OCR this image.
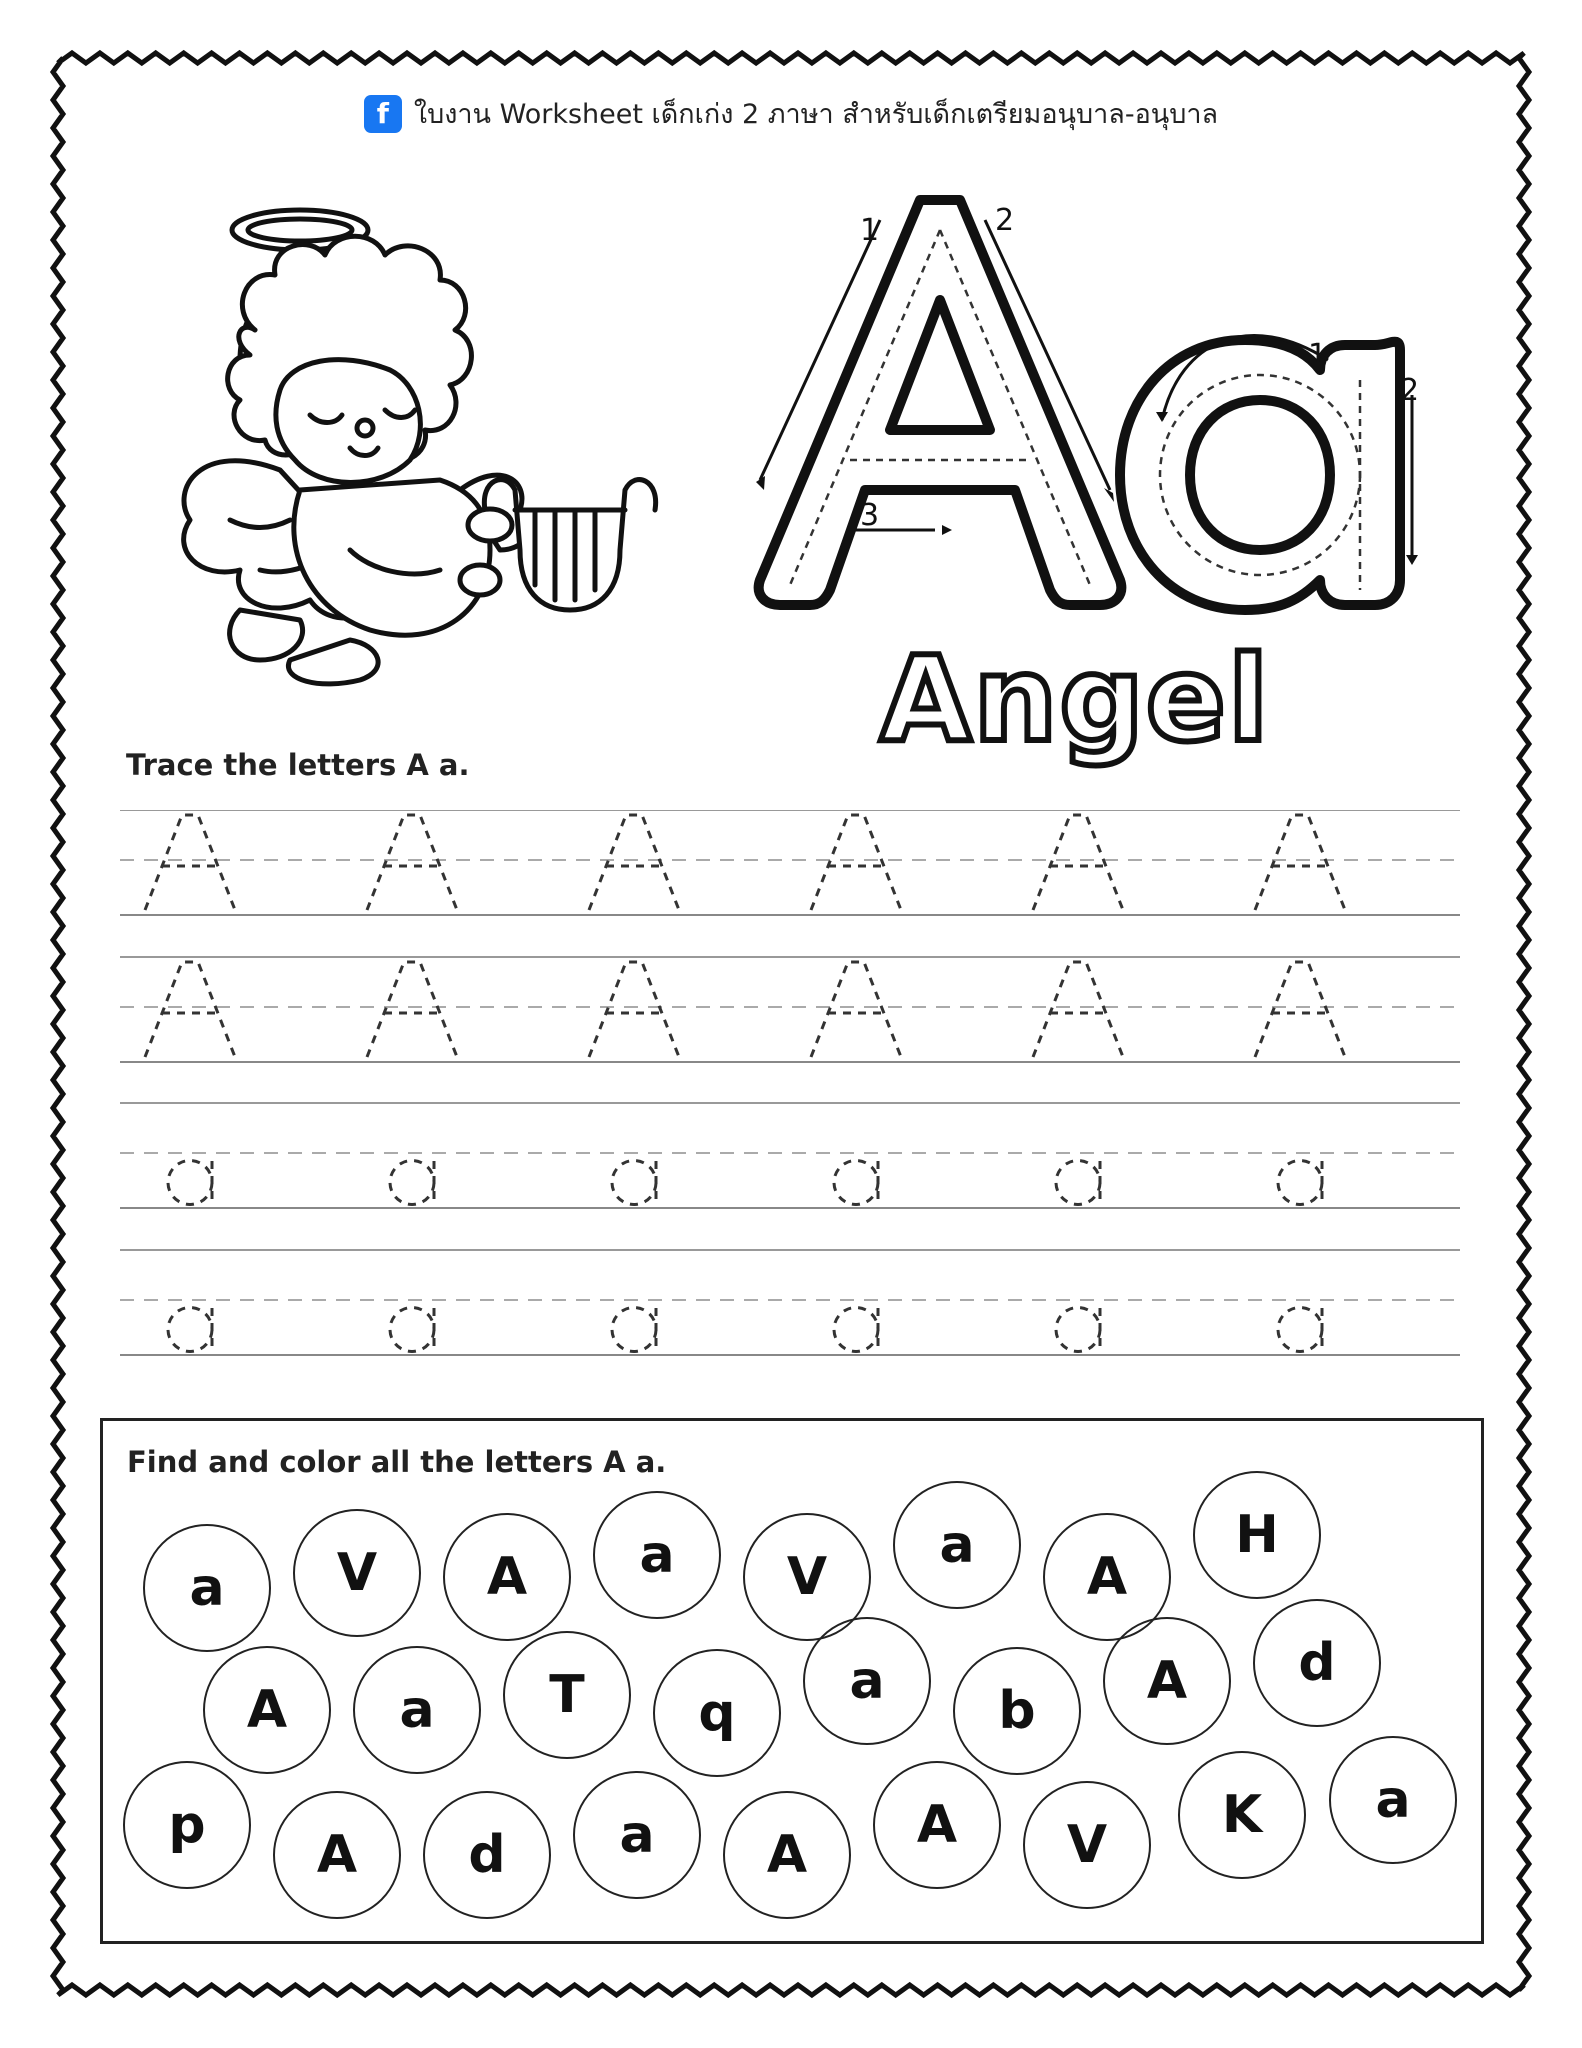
f ใบงาน Worksheet เด็กเก่ง 2 ภาษา สำหรับเด็กเตรียมอนุบาล-อนุบาล
1	2
3
1
2
Angel
Trace the letters A a.
Find and color all the letters A a.
a	V	A	a	V
a
A
H
A	a	T	q
a	b	A	d
p	A	d	a	A	A	V	K	a
